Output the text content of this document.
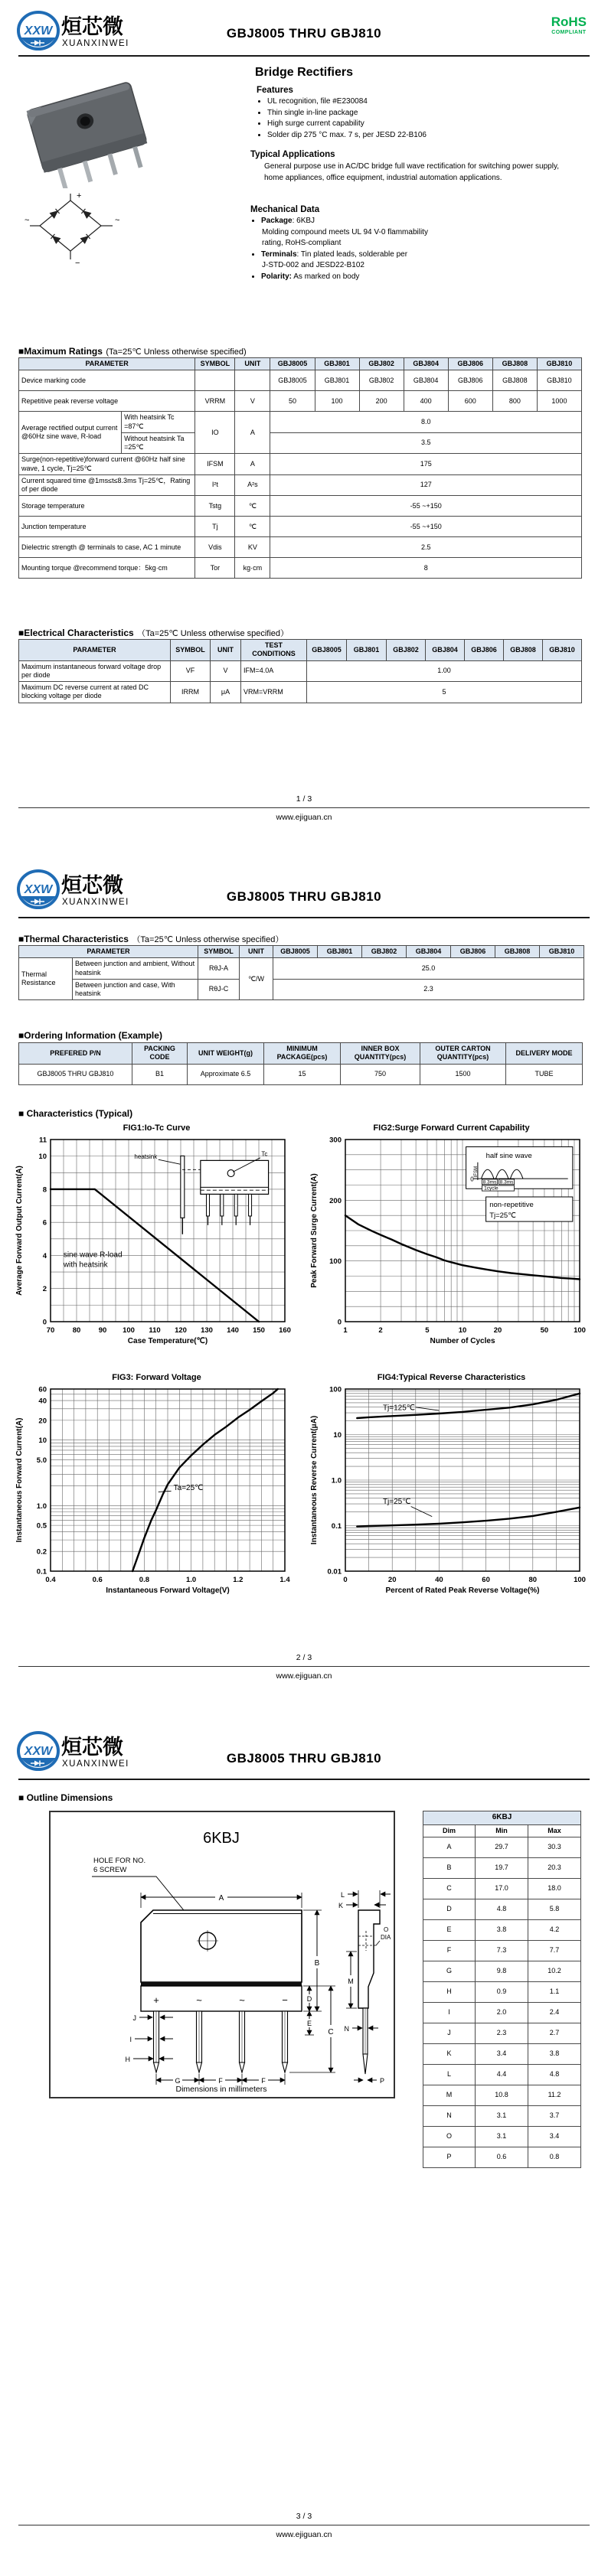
XXW 烜芯微
XUANXINWEI
GBJ8005 THRU GBJ810
RoHS
COMPLIANT
Bridge Rectifiers
+
~	~
−
Features
• UL recognition, file #E230084
• Thin single in-line package
• High surge current capability
• Solder dip 275 °C max. 7 s, per JESD 22-B106
Typical Applications
General purpose use in AC/DC bridge full wave rectification for switching power supply, home appliances, office equipment, industrial automation applications.
Mechanical Data
• Package: 6KBJ
Molding compound meets UL 94 V-0 flammability
rating, RoHS-compliant
• Terminals: Tin plated leads, solderable per
J-STD-002 and JESD22-B102
• Polarity: As marked on body
■Maximum Ratings (Ta=25℃ Unless otherwise specified)
PARAMETER		SYMBOL	UNIT	GBJ8005	GBJ801	GBJ802	GBJ804	GBJ806	GBJ808	GBJ810
Device marking code				GBJ8005	GBJ801	GBJ802	GBJ804	GBJ806	GBJ808	GBJ810
Repetitive peak reverse voltage		VRRM	V	50	100	200	400	600	800	1000
Average rectified output current @60Hz sine wave, R-load	With heatsink Tc =87℃	IO	A	8.0						
	Without heatsink Ta =25℃			3.5						
Surge(non-repetitive)forward current @60Hz half sine wave, 1 cycle, Tj=25℃		IFSM	A	175						
Current squared time @1ms≤t≤8.3ms Tj=25℃，Rating of per diode		I²t	A²s	127						
Storage temperature		Tstg	℃	-55 ~+150						
Junction temperature		Tj	℃	-55 ~+150						
Dielectric strength @ terminals to case, AC 1 minute		Vdis	KV	2.5						
Mounting torque @recommend torque：5kg·cm		Tor	kg·cm	8						
■Electrical Characteristics （Ta=25℃ Unless otherwise specified）
PARAMETER	SYMBOL	UNIT	TEST CONDITIONS	GBJ8005	GBJ801	GBJ802	GBJ804	GBJ806	GBJ808	GBJ810
Maximum instantaneous forward voltage drop per diode	VF	V	IFM=4.0A	1.00						
Maximum DC reverse current at rated DC blocking voltage per diode	IRRM	μA	VRM=VRRM	5						
1 / 3
www.ejiguan.cn
XXW 烜芯微
XUANXINWEI	GBJ8005 THRU GBJ810
■Thermal Characteristics （Ta=25℃ Unless otherwise specified）
PARAMETER		SYMBOL	UNIT	GBJ8005	GBJ801	GBJ802	GBJ804	GBJ806	GBJ808	GBJ810
Thermal Resistance	Between junction and ambient, Without heatsink	RθJ-A	℃/W	25.0						
	Between junction and case, With heatsink	RθJ-C		2.3						
■Ordering Information (Example)
PREFERED P/N	PACKING CODE	UNIT WEIGHT(g)	MINIMUM PACKAGE(pcs)	INNER BOX QUANTITY(pcs)	OUTER CARTON QUANTITY(pcs)	DELIVERY MODE
GBJ8005 THRU GBJ810	B1	Approximate 6.5	15	750	1500	TUBE
■ Characteristics (Typical)
FIG1:Io-Tc Curve
70 80 90 100 110 120 130 140 150 160
0
2
4
6
8
10
11
Case Temperature(℃)
Average Forward Output Current(A)	sine wave R-load
with heatsink
heatsink	Tc
FIG2:Surge Forward Current Capability
1	2	5	10	20	50	100
0
100
200
300
Number of Cycles
Peak Forward Surge Current(A)
half sine wave
0
IFSM
8.3ms 8.3ms
1cycle
non-repetitive
Tj=25℃
FIG3: Forward Voltage
0.4	0.6	0.8	1.0	1.2	1.4
0.1
0.2
0.5
1.0
5.0
10
20
40
60
Instantaneous Forward Voltage(V)
Instantaneous Forward Current(A)	Ta=25℃
FIG4:Typical Reverse Characteristics
0	20	40	60	80	100
0.01
0.1
1.0
10
100
Percent of Rated Peak Reverse Voltage(%)
Instantaneous Reverse Current(μA)
Tj=125℃
Tj=25℃
2 / 3
www.ejiguan.cn
XXW 烜芯微
XUANXINWEI	GBJ8005 THRU GBJ810
■ Outline Dimensions
6KBJ
HOLE FOR NO.
6 SCREW
+	~	~	−
A
B
C
D
E
G	F	F
J
I
H
L
K
M
O
DIA
N
P
Dimensions in millimeters
6KBJ		
Dim	Min	Max
A	29.7	30.3
B	19.7	20.3
C	17.0	18.0
D	4.8	5.8
E	3.8	4.2
F	7.3	7.7
G	9.8	10.2
H	0.9	1.1
I	2.0	2.4
J	2.3	2.7
K	3.4	3.8
L	4.4	4.8
M	10.8	11.2
N	3.1	3.7
O	3.1	3.4
P	0.6	0.8
3 / 3
www.ejiguan.cn
